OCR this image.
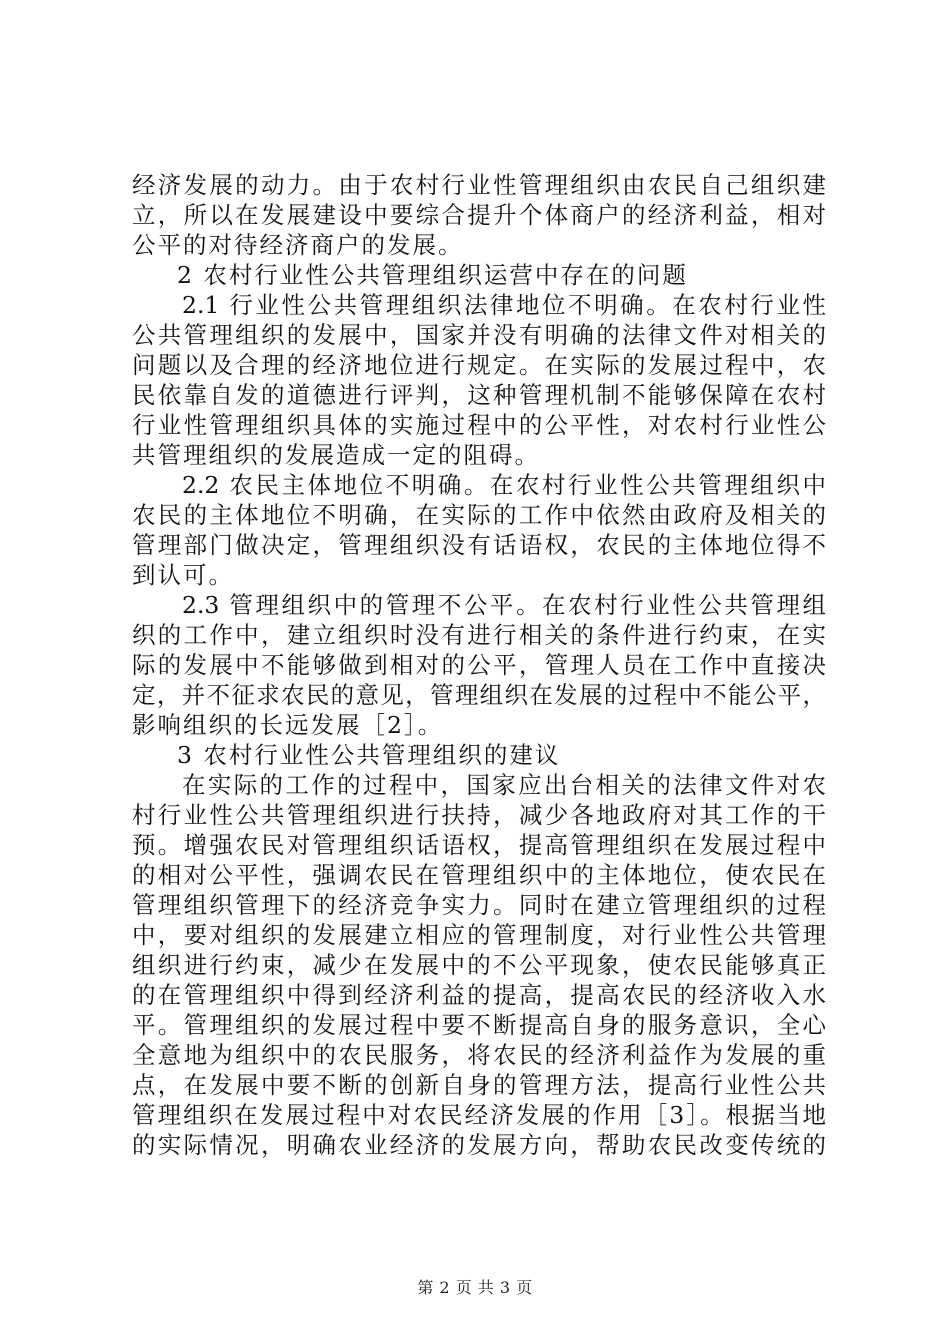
经济发展的动力。由于农村行业性管理组织由农民自己组织建
立，所以在发展建设中要综合提升个体商户的经济利益，相对
公平的对待经济商户的发展。
2 农村行业性公共管理组织运营中存在的问题
2.1 行业性公共管理组织法律地位不明确。在农村行业性
公共管理组织的发展中，国家并没有明确的法律文件对相关的
问题以及合理的经济地位进行规定。在实际的发展过程中，农
民依靠自发的道德进行评判，这种管理机制不能够保障在农村
行业性管理组织具体的实施过程中的公平性，对农村行业性公
共管理组织的发展造成一定的阻碍。
2.2 农民主体地位不明确。在农村行业性公共管理组织中
农民的主体地位不明确，在实际的工作中依然由政府及相关的
管理部门做决定，管理组织没有话语权，农民的主体地位得不
到认可。
2.3 管理组织中的管理不公平。在农村行业性公共管理组
织的工作中，建立组织时没有进行相关的条件进行约束，在实
际的发展中不能够做到相对的公平，管理人员在工作中直接决
定，并不征求农民的意见，管理组织在发展的过程中不能公平，
影响组织的长远发展［2］。
3 农村行业性公共管理组织的建议
在实际的工作的过程中，国家应出台相关的法律文件对农
村行业性公共管理组织进行扶持，减少各地政府对其工作的干
预。增强农民对管理组织话语权，提高管理组织在发展过程中
的相对公平性，强调农民在管理组织中的主体地位，使农民在
管理组织管理下的经济竞争实力。同时在建立管理组织的过程
中，要对组织的发展建立相应的管理制度，对行业性公共管理
组织进行约束，减少在发展中的不公平现象，使农民能够真正
的在管理组织中得到经济利益的提高，提高农民的经济收入水
平。管理组织的发展过程中要不断提高自身的服务意识，全心
全意地为组织中的农民服务，将农民的经济利益作为发展的重
点，在发展中要不断的创新自身的管理方法，提高行业性公共
管理组织在发展过程中对农民经济发展的作用［3］。根据当地
的实际情况，明确农业经济的发展方向，帮助农民改变传统的
第 2 页 共 3 页
